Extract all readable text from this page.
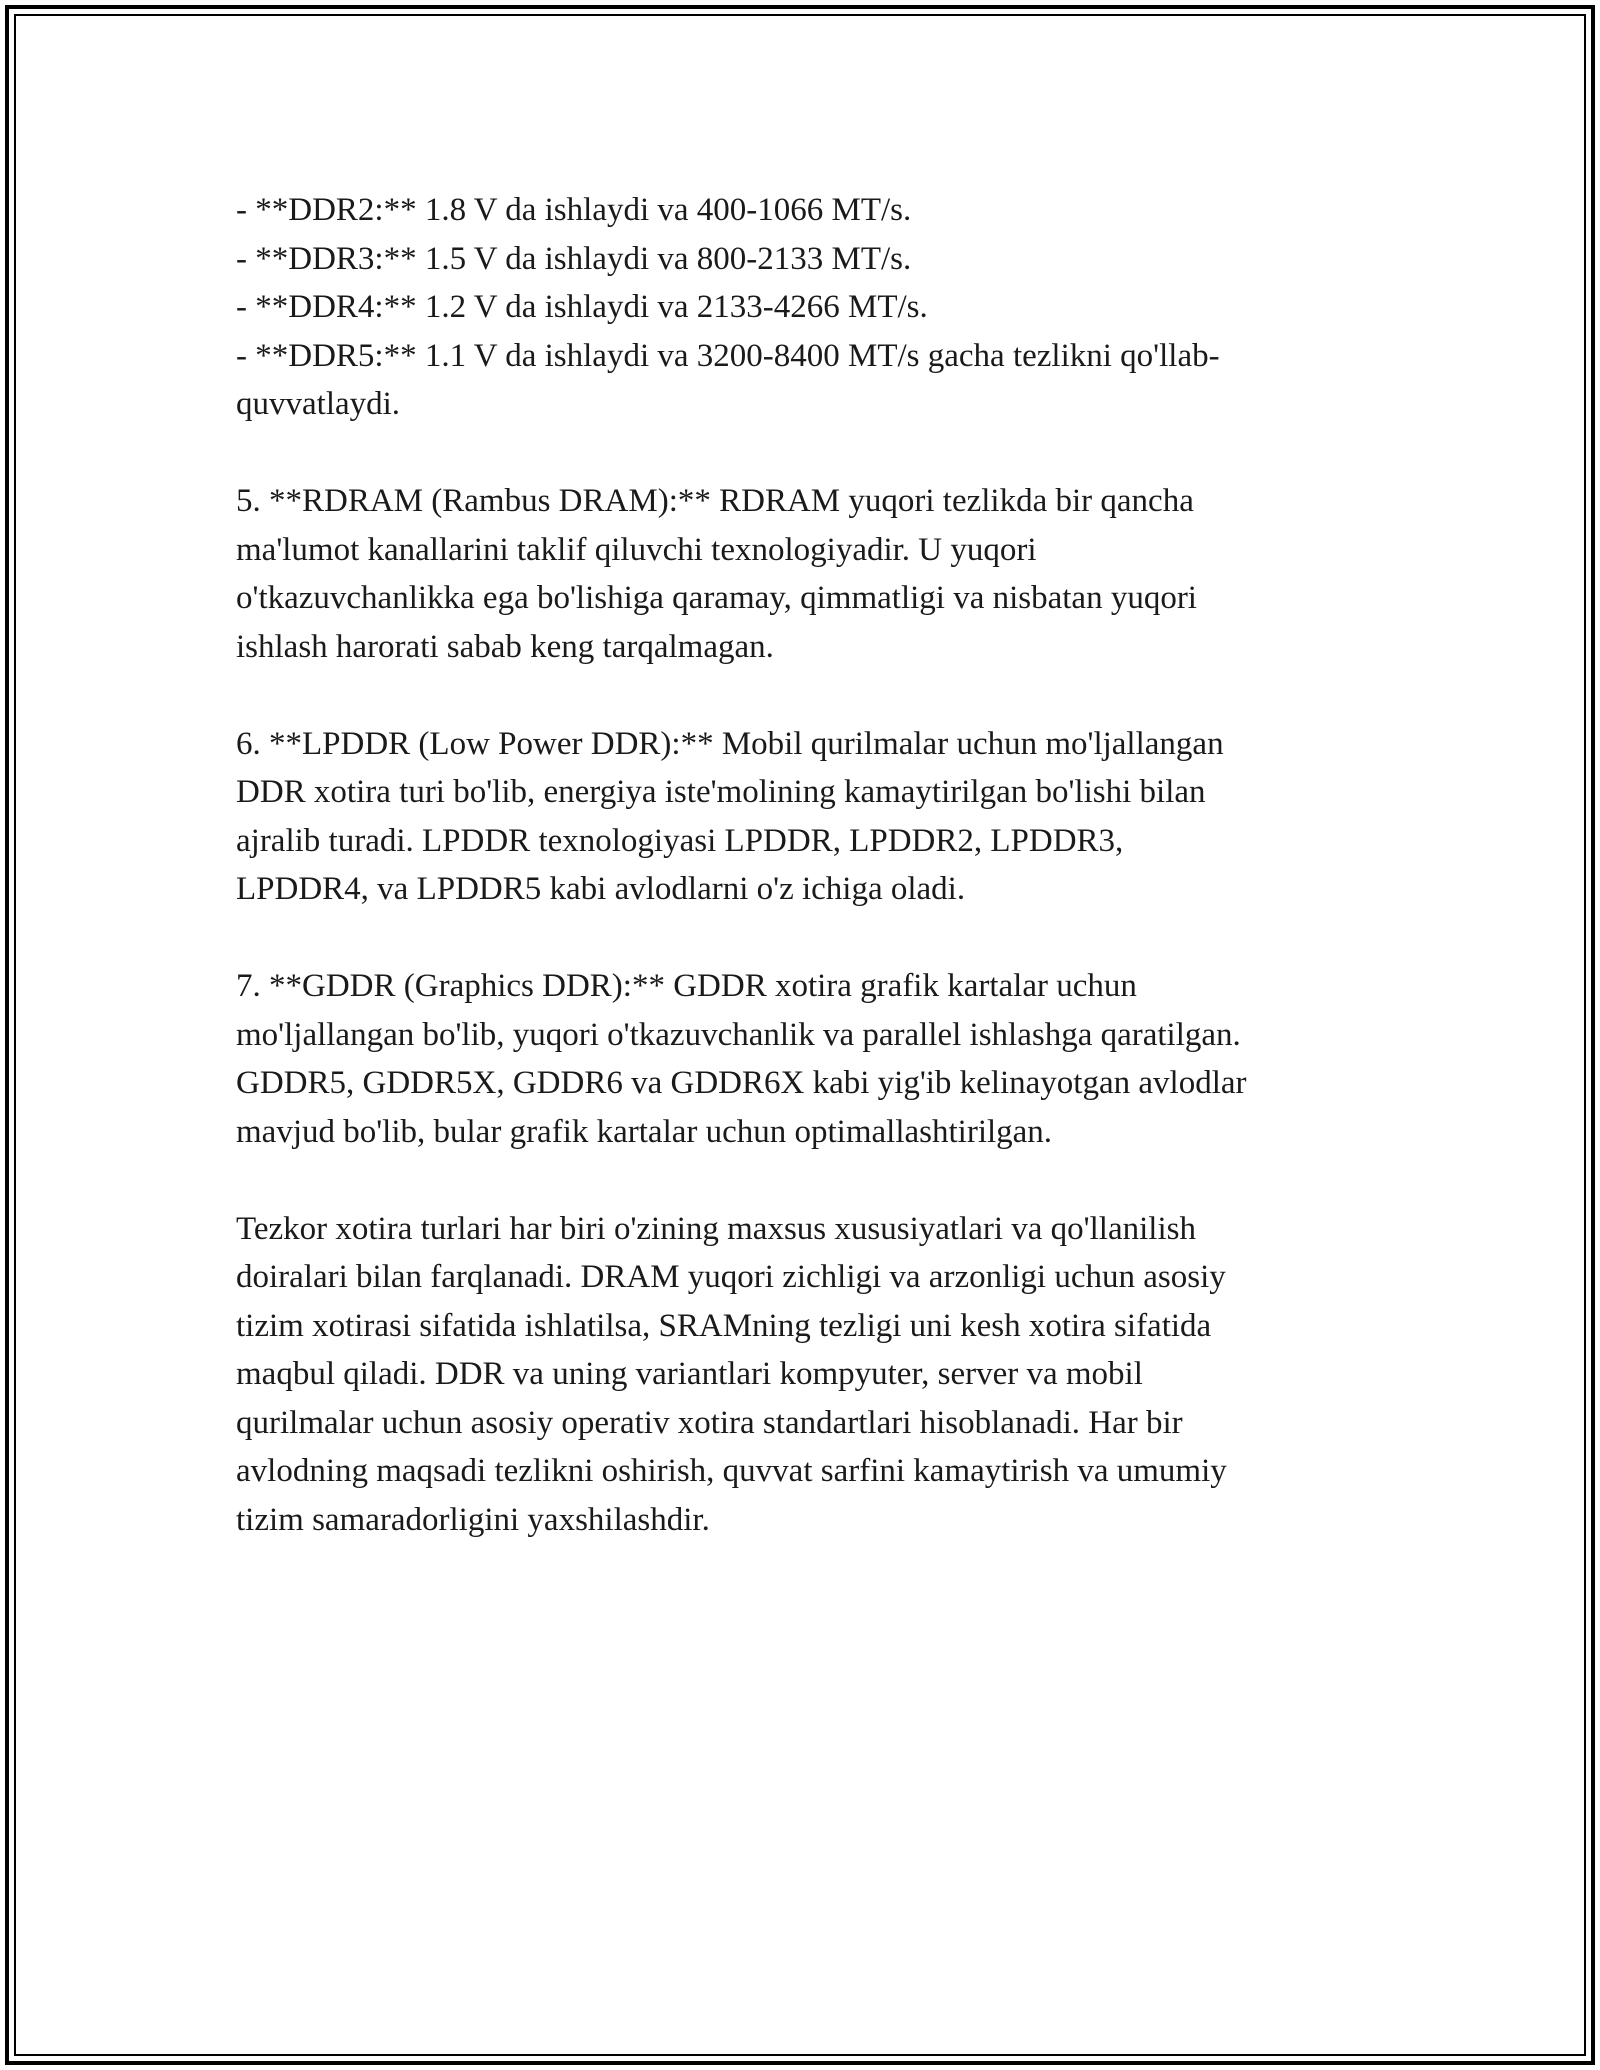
- **DDR2:** 1.8 V da ishlaydi va 400-1066 MT/s.

- **DDR3:** 1.5 V da ishlaydi va 800-2133 MT/s.

- **DDR4:** 1.2 V da ishlaydi va 2133-4266 MT/s.

- **DDR5:** 1.1 V da ishlaydi va 3200-8400 MT/s gacha tezlikni qo'llab-

quvvatlaydi.

5. **RDRAM (Rambus DRAM):** RDRAM yuqori tezlikda bir qancha

ma'lumot kanallarini taklif qiluvchi texnologiyadir. U yuqori

o'tkazuvchanlikka ega bo'lishiga qaramay, qimmatligi va nisbatan yuqori

ishlash harorati sabab keng tarqalmagan.

6. **LPDDR (Low Power DDR):** Mobil qurilmalar uchun mo'ljallangan

DDR xotira turi bo'lib, energiya iste'molining kamaytirilgan bo'lishi bilan

ajralib turadi. LPDDR texnologiyasi LPDDR, LPDDR2, LPDDR3,

LPDDR4, va LPDDR5 kabi avlodlarni o'z ichiga oladi.

7. **GDDR (Graphics DDR):** GDDR xotira grafik kartalar uchun

mo'ljallangan bo'lib, yuqori o'tkazuvchanlik va parallel ishlashga qaratilgan.

GDDR5, GDDR5X, GDDR6 va GDDR6X kabi yig'ib kelinayotgan avlodlar

mavjud bo'lib, bular grafik kartalar uchun optimallashtirilgan.

Tezkor xotira turlari har biri o'zining maxsus xususiyatlari va qo'llanilish

doiralari bilan farqlanadi. DRAM yuqori zichligi va arzonligi uchun asosiy

tizim xotirasi sifatida ishlatilsa, SRAMning tezligi uni kesh xotira sifatida

maqbul qiladi. DDR va uning variantlari kompyuter, server va mobil

qurilmalar uchun asosiy operativ xotira standartlari hisoblanadi. Har bir

avlodning maqsadi tezlikni oshirish, quvvat sarfini kamaytirish va umumiy

tizim samaradorligini yaxshilashdir.
